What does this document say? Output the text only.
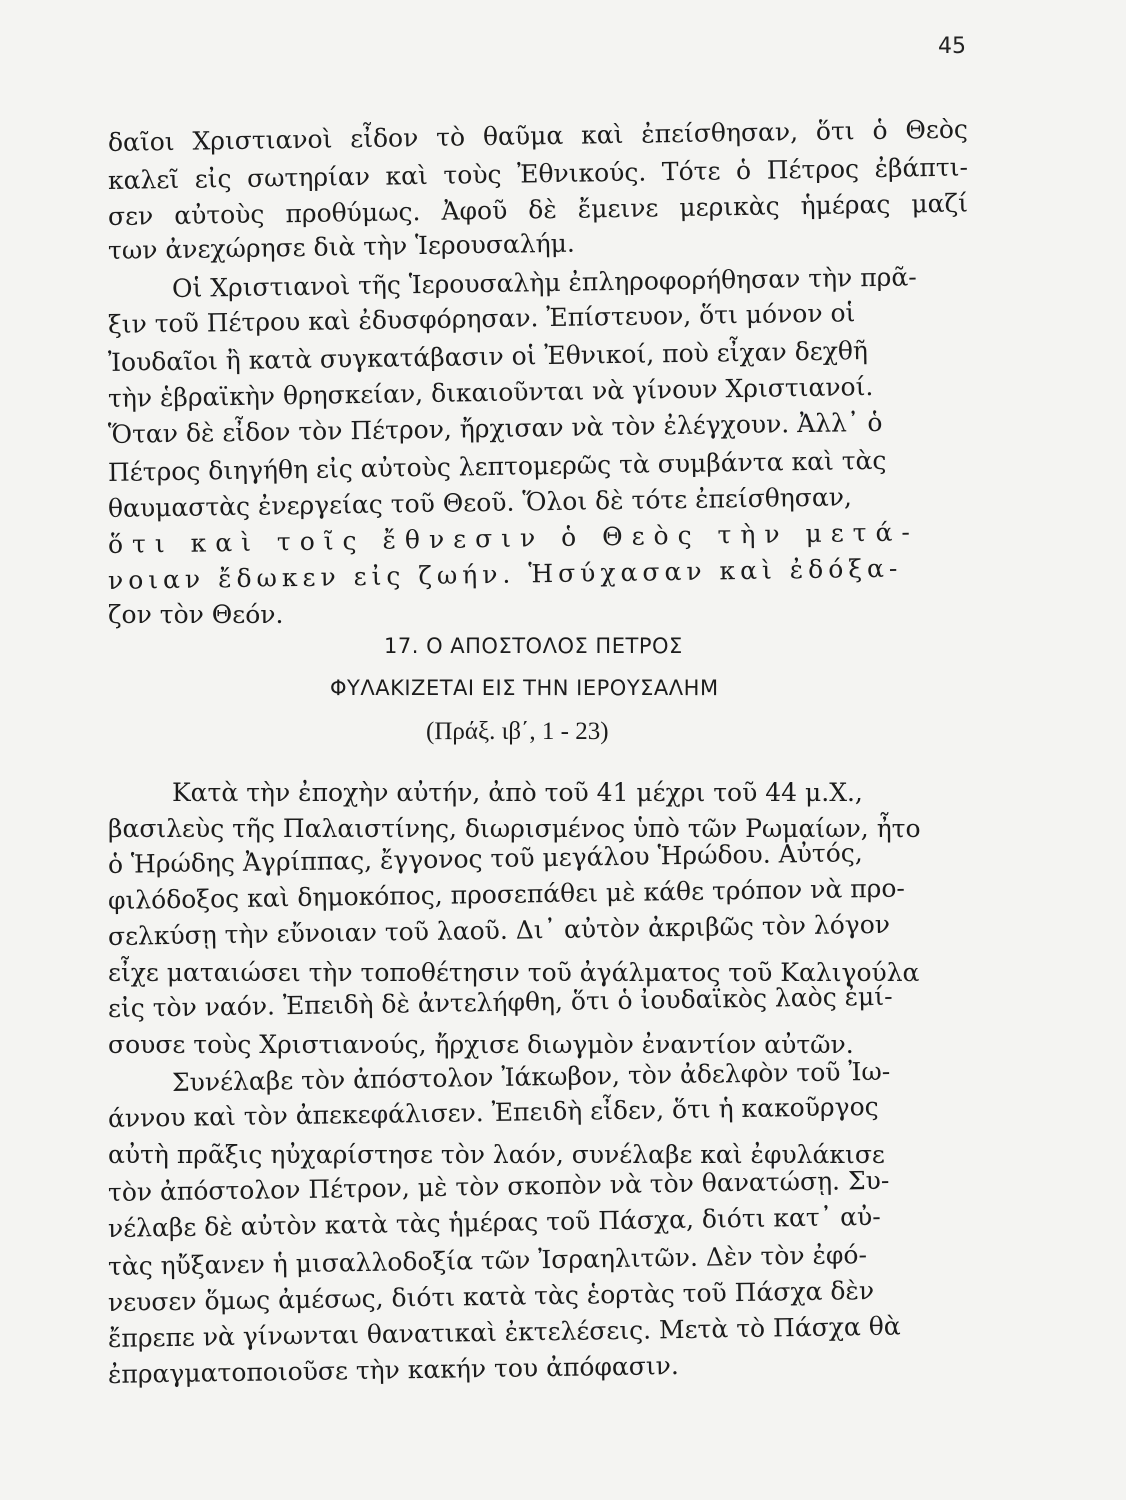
45
δαῖοι Χριστιανοὶ εἶδον τὸ θαῦμα καὶ ἐπείσθησαν, ὅτι ὁ Θεὸς
καλεῖ εἰς σωτηρίαν καὶ τοὺς Ἐθνικούς. Τότε ὁ Πέτρος ἐβάπτι-
σεν αὐτοὺς προθύμως. Ἀφοῦ δὲ ἔμεινε μερικὰς ἡμέρας μαζί
των ἀνεχώρησε διὰ τὴν Ἱερουσαλήμ.
Οἱ Χριστιανοὶ τῆς Ἱερουσαλὴμ ἐπληροφορήθησαν τὴν πρᾶ-
ξιν τοῦ Πέτρου καὶ ἐδυσφόρησαν. Ἐπίστευον, ὅτι μόνον οἱ
Ἰουδαῖοι ἢ κατὰ συγκατάβασιν οἱ Ἐθνικοί, ποὺ εἶχαν δεχθῆ
τὴν ἑβραϊκὴν θρησκείαν, δικαιοῦνται νὰ γίνουν Χριστιανοί.
Ὅταν δὲ εἶδον τὸν Πέτρον, ἤρχισαν νὰ τὸν ἐλέγχουν. Ἀλλ᾽ ὁ
Πέτρος διηγήθη εἰς αὐτοὺς λεπτομερῶς τὰ συμβάντα καὶ τὰς
θαυμαστὰς ἐνεργείας τοῦ Θεοῦ. Ὅλοι δὲ τότε ἐπείσθησαν,
ὅτι καὶ τοῖς ἔθνεσιν ὁ Θεὸς τὴν μετά-
νοιαν ἔδωκεν εἰς ζωήν. Ἡσύχασαν καὶ ἐδόξα-
ζον τὸν Θεόν.
17. Ο ΑΠΟΣΤΟΛΟΣ ΠΕΤΡΟΣ
ΦΥΛΑΚΙΖΕΤΑΙ ΕΙΣ ΤΗΝ ΙΕΡΟΥΣΑΛΗΜ
(Πράξ. ιβ΄, 1 - 23)
Κατὰ τὴν ἐποχὴν αὐτήν, ἀπὸ τοῦ 41 μέχρι τοῦ 44 μ.Χ.,
βασιλεὺς τῆς Παλαιστίνης, διωρισμένος ὑπὸ τῶν Ρωμαίων, ἦτο
ὁ Ἡρώδης Ἀγρίππας, ἔγγονος τοῦ μεγάλου Ἡρώδου. Αὐτός,
φιλόδοξος καὶ δημοκόπος, προσεπάθει μὲ κάθε τρόπον νὰ προ-
σελκύσῃ τὴν εὔνοιαν τοῦ λαοῦ. Δι᾽ αὐτὸν ἀκριβῶς τὸν λόγον
εἶχε ματαιώσει τὴν τοποθέτησιν τοῦ ἀγάλματος τοῦ Καλιγούλα
εἰς τὸν ναόν. Ἐπειδὴ δὲ ἀντελήφθη, ὅτι ὁ ἰουδαϊκὸς λαὸς ἐμί-
σουσε τοὺς Χριστιανούς, ἤρχισε διωγμὸν ἐναντίον αὐτῶν.
Συνέλαβε τὸν ἀπόστολον Ἰάκωβον, τὸν ἀδελφὸν τοῦ Ἰω-
άννου καὶ τὸν ἀπεκεφάλισεν. Ἐπειδὴ εἶδεν, ὅτι ἡ κακοῦργος
αὐτὴ πρᾶξις ηὐχαρίστησε τὸν λαόν, συνέλαβε καὶ ἐφυλάκισε
τὸν ἀπόστολον Πέτρον, μὲ τὸν σκοπὸν νὰ τὸν θανατώσῃ. Συ-
νέλαβε δὲ αὐτὸν κατὰ τὰς ἡμέρας τοῦ Πάσχα, διότι κατ᾽ αὐ-
τὰς ηὔξανεν ἡ μισαλλοδοξία τῶν Ἰσραηλιτῶν. Δὲν τὸν ἐφό-
νευσεν ὅμως ἀμέσως, διότι κατὰ τὰς ἑορτὰς τοῦ Πάσχα δὲν
ἔπρεπε νὰ γίνωνται θανατικαὶ ἐκτελέσεις. Μετὰ τὸ Πάσχα θὰ
ἐπραγματοποιοῦσε τὴν κακήν του ἀπόφασιν.
